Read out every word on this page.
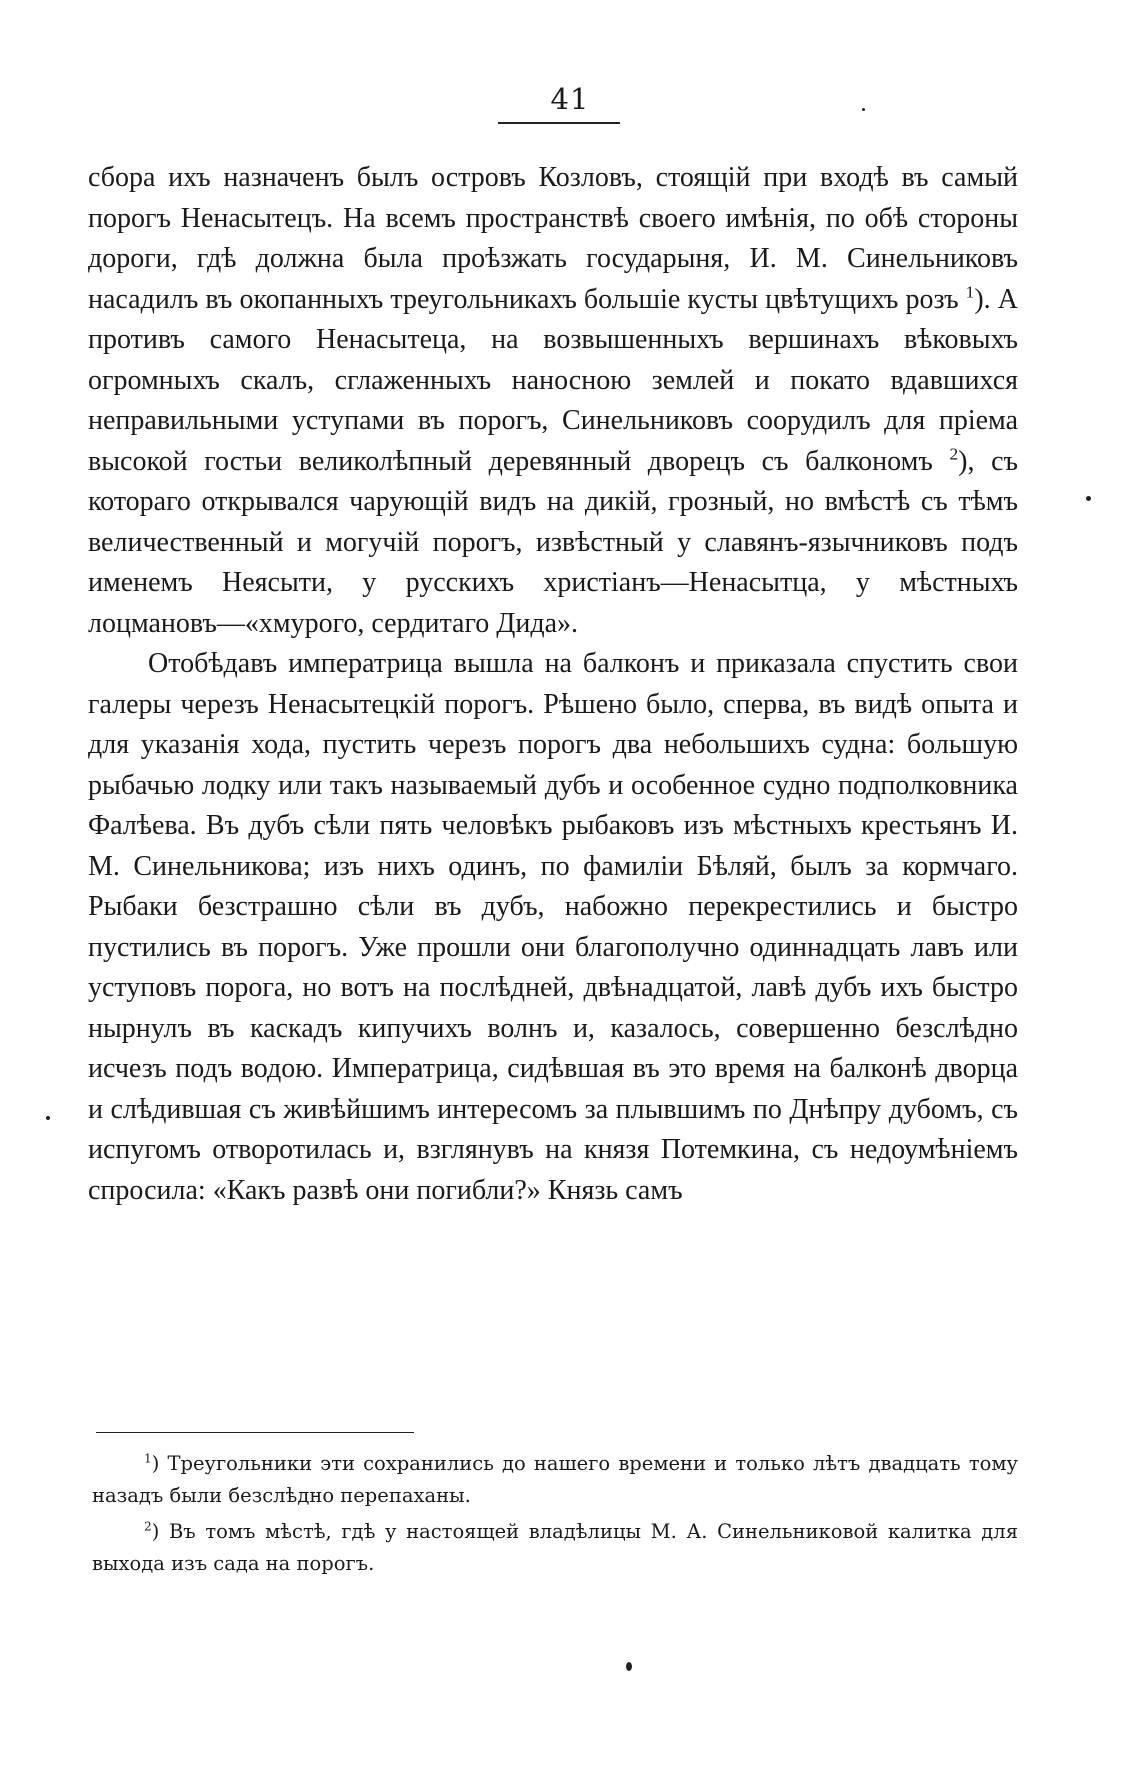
41

сбора ихъ назначенъ былъ островъ Козловъ, стоящій при входѣ въ самый порогъ Ненасытецъ. На всемъ пространствѣ своего имѣнія, по обѣ стороны дороги, гдѣ должна была проѣзжать государыня, И. М. Синельниковъ насадилъ въ окопанныхъ треугольникахъ большіе кусты цвѣтущихъ розъ $^1$). А противъ самого Ненасытеца, на возвышенныхъ вершинахъ вѣковыхъ огромныхъ скалъ, сглаженныхъ наносною землей и покато вдавшихся неправильными уступами въ порогъ, Синельниковъ соорудилъ для пріема высокой гостьи великолѣпный деревянный дворецъ съ балкономъ $^2$), съ котораго открывался чарующій видъ на дикій, грозный, но вмѣстѣ съ тѣмъ величественный и могучій порогъ, извѣстный у славянъ-язычниковъ подъ именемъ Неясыти, у русскихъ христіанъ—Ненасытца, у мѣстныхъ лоцмановъ—«хмурого, сердитаго Дида».

Отобѣдавъ императрица вышла на балконъ и приказала спустить свои галеры черезъ Ненасытецкій порогъ. Рѣшено было, сперва, въ видѣ опыта и для указанія хода, пустить черезъ порогъ два небольшихъ судна: большую рыбачью лодку или такъ называемый дубъ и особенное судно подполковника Фалѣева. Въ дубъ сѣли пять человѣкъ рыбаковъ изъ мѣстныхъ крестьянъ И. М. Синельникова; изъ нихъ одинъ, по фамиліи Бѣляй, былъ за кормчаго. Рыбаки безстрашно сѣли въ дубъ, набожно перекрестились и быстро пустились въ порогъ. Уже прошли они благополучно одиннадцать лавъ или уступовъ порога, но вотъ на послѣдней, двѣнадцатой, лавѣ дубъ ихъ быстро нырнулъ въ каскадъ кипучихъ волнъ и, казалось, совершенно безслѣдно исчезъ подъ водою. Императрица, сидѣвшая въ это время на балконѣ дворца и слѣдившая съ живѣйшимъ интересомъ за плывшимъ по Днѣпру дубомъ, съ испугомъ отворотилась и, взглянувъ на князя Потемкина, съ недоумѣніемъ спросила: «Какъ развѣ они погибли?» Князь самъ

$^1$) Треугольники эти сохранились до нашего времени и только лѣтъ двадцать тому назадъ были безслѣдно перепаханы.

$^2$) Въ томъ мѣстѣ, гдѣ у настоящей владѣлицы М. А. Синельниковой калитка для выхода изъ сада на порогъ.
